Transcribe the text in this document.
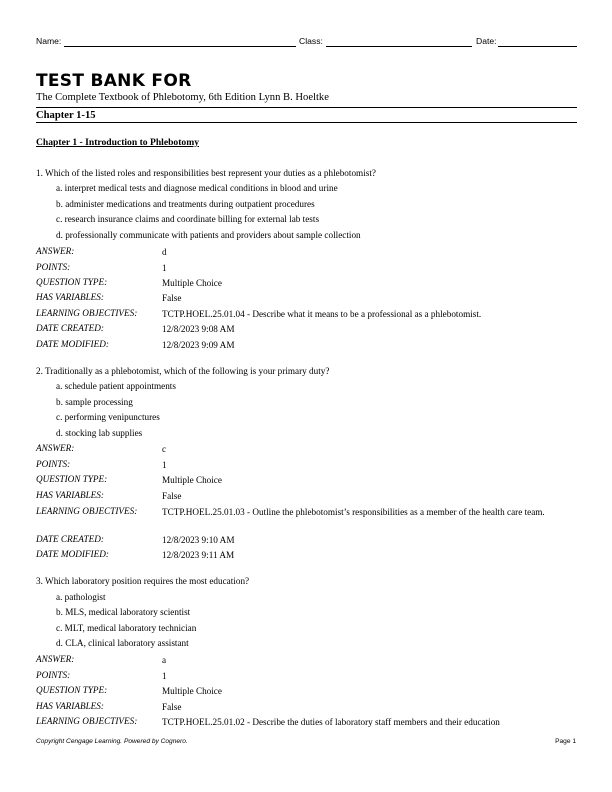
Name:	Class:	Date:
TEST BANK FOR
The Complete Textbook of Phlebotomy, 6th Edition Lynn B. Hoeltke
Chapter 1-15
Chapter 1 - Introduction to Phlebotomy
1. Which of the listed roles and responsibilities best represent your duties as a phlebotomist?
a. interpret medical tests and diagnose medical conditions in blood and urine
b. administer medications and treatments during outpatient procedures
c. research insurance claims and coordinate billing for external lab tests
d. professionally communicate with patients and providers about sample collection
ANSWER:	d
POINTS:	1
QUESTION TYPE:	Multiple Choice
HAS VARIABLES:	False
LEARNING OBJECTIVES:	TCTP.HOEL.25.01.04 - Describe what it means to be a professional as a phlebotomist.
DATE CREATED:	12/8/2023 9:08 AM
DATE MODIFIED:	12/8/2023 9:09 AM
2. Traditionally as a phlebotomist, which of the following is your primary duty?
a. schedule patient appointments
b. sample processing
c. performing venipunctures
d. stocking lab supplies
ANSWER:	c
POINTS:	1
QUESTION TYPE:	Multiple Choice
HAS VARIABLES:	False
LEARNING OBJECTIVES:	TCTP.HOEL.25.01.03 - Outline the phlebotomist’s responsibilities as a member of the health care team.
DATE CREATED:	12/8/2023 9:10 AM
DATE MODIFIED:	12/8/2023 9:11 AM
3. Which laboratory position requires the most education?
a. pathologist
b. MLS, medical laboratory scientist
c. MLT, medical laboratory technician
d. CLA, clinical laboratory assistant
ANSWER:	a
POINTS:	1
QUESTION TYPE:	Multiple Choice
HAS VARIABLES:	False
LEARNING OBJECTIVES:	TCTP.HOEL.25.01.02 - Describe the duties of laboratory staff members and their education
Copyright Cengage Learning. Powered by Cognero.	Page 1
